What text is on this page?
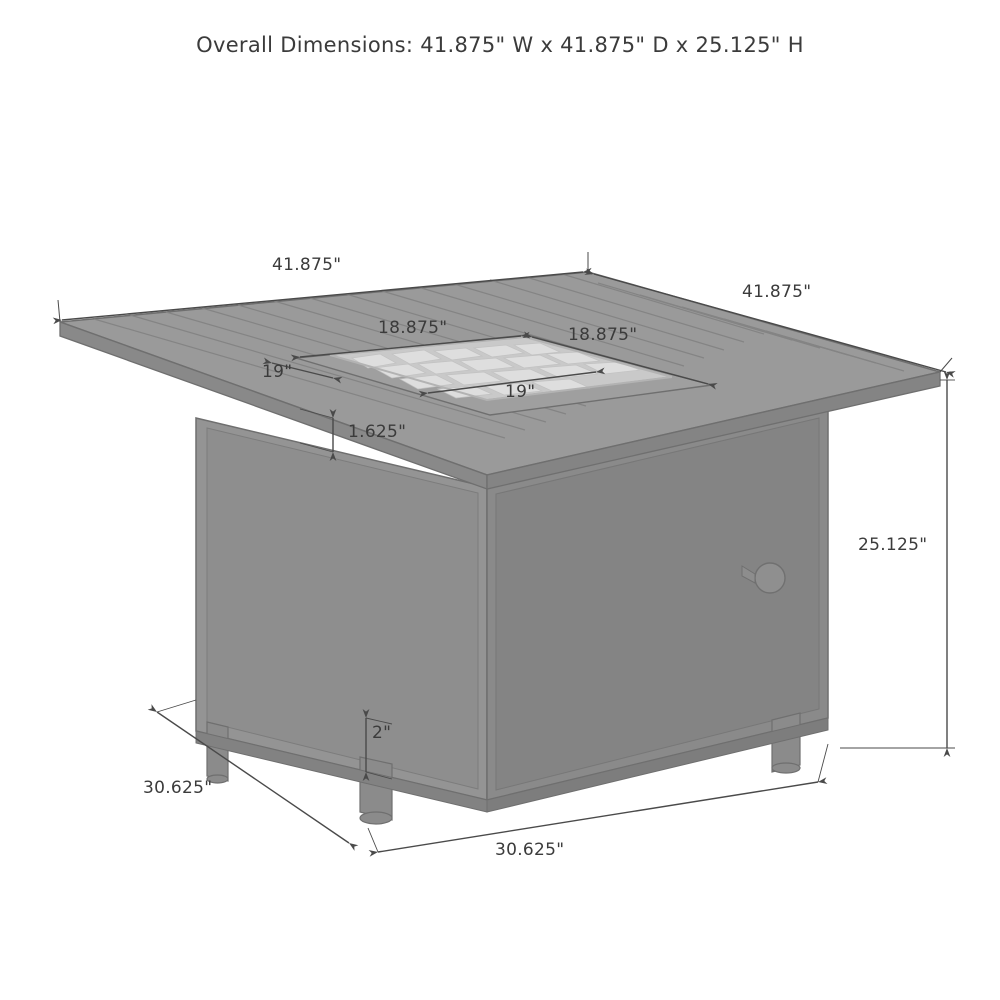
Overall Dimensions: 41.875" W x 41.875" D x 25.125" H
41.875"
41.875"
18.875"	18.875"
19"
19"
1.625"
25.125"
2"
30.625"
30.625"
